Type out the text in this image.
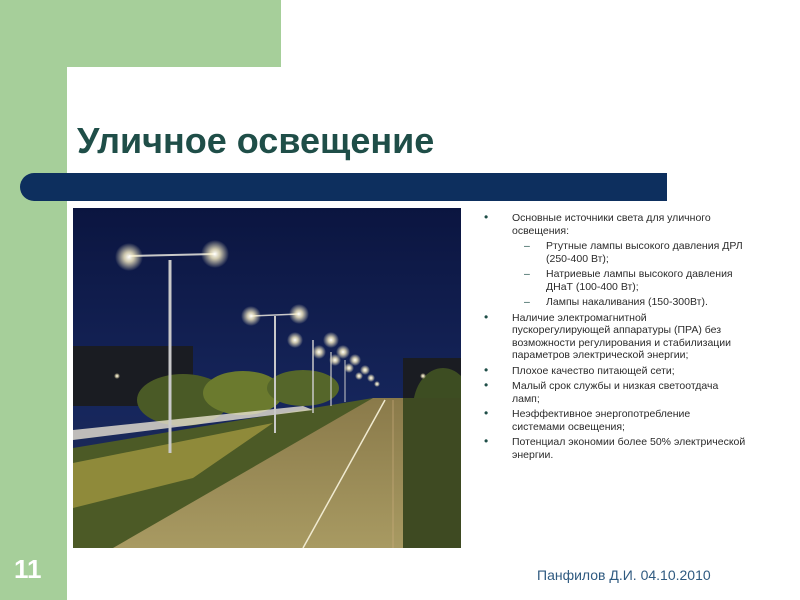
Уличное освещение
• Основные источники света для уличного освещения:
– Ртутные лампы высокого давления ДРЛ (250-400 Вт);
– Натриевые лампы высокого давления ДНаТ (100-400 Вт);
– Лампы накаливания (150-300Вт).
• Наличие электромагнитной пускорегулирующей аппаратуры (ПРА) без возможности регулирования и стабилизации параметров электрической энергии;
• Плохое качество питающей сети;
• Малый срок службы и низкая светоотдача ламп;
• Неэффективное энергопотребление системами освещения;
• Потенциал экономии более 50% электрической энергии.
11	Панфилов Д.И. 04.10.2010
